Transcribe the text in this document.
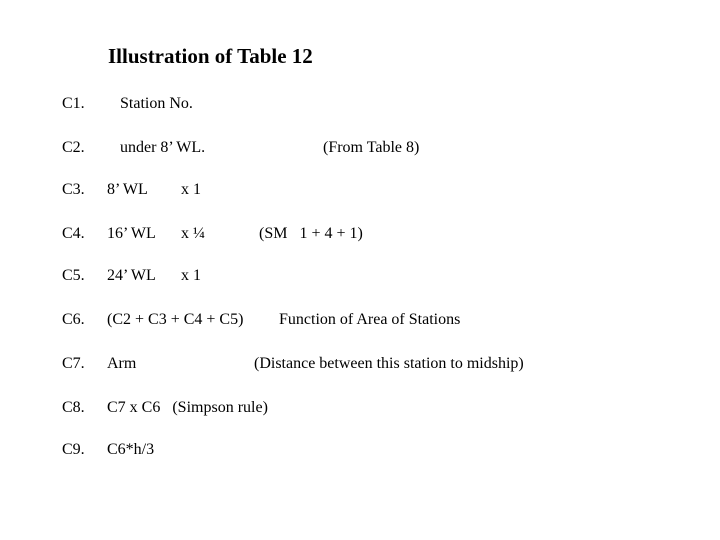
Illustration of Table 12
C1. Station No.
C2. under 8’ WL.	(From Table 8)
C3. 8’ WL x 1
C4. 16’ WL x ¼	(SM   1 + 4 + 1)
C5. 24’ WL x 1
C6. (C2 + C3 + C4 + C5) Function of Area of Stations
C7. Arm	(Distance between this station to midship)
C8. C7 x C6   (Simpson rule)
C9. C6*h/3
